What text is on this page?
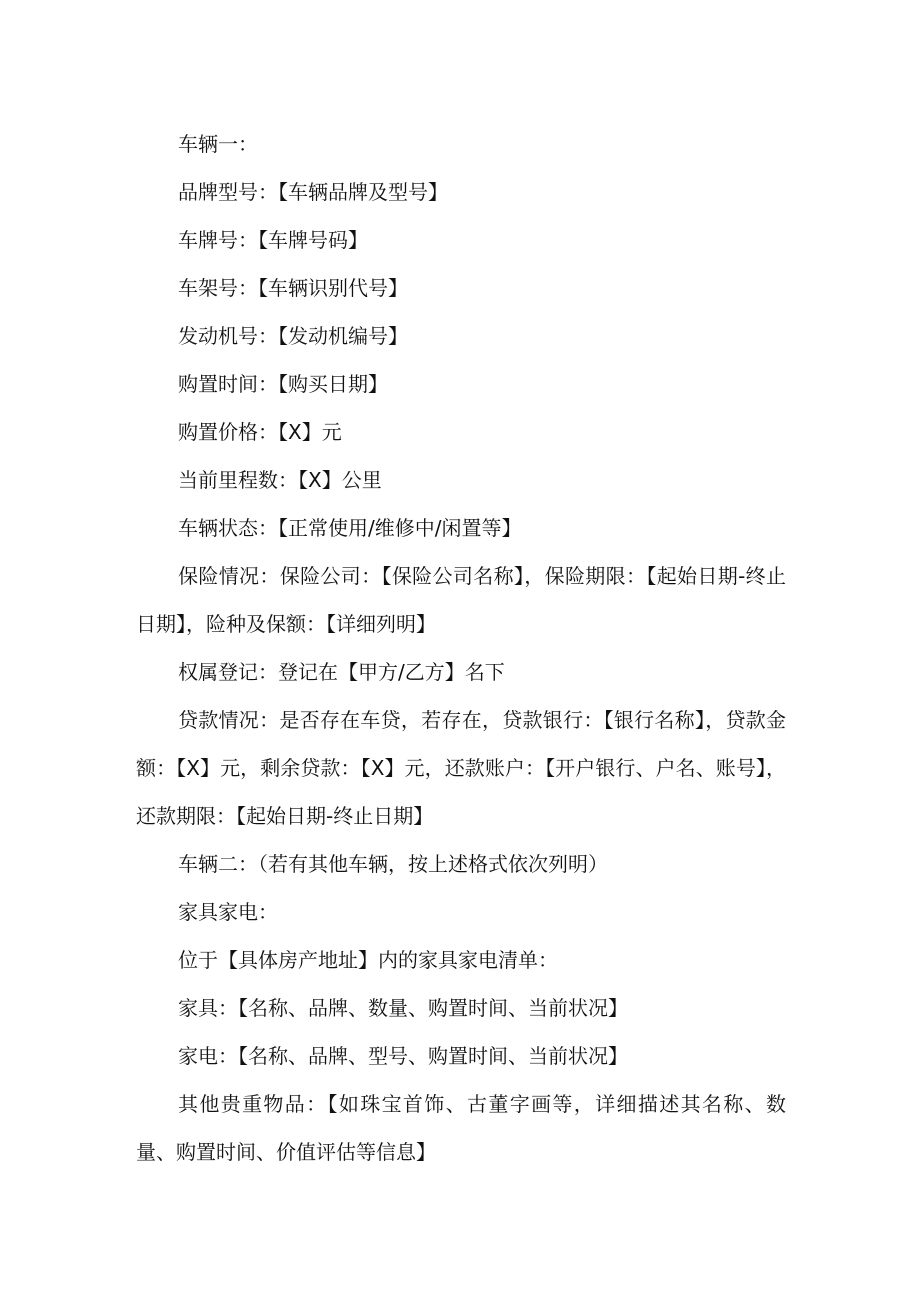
车辆一：

品牌型号：【车辆品牌及型号】

车牌号：【车牌号码】

车架号：【车辆识别代号】

发动机号：【发动机编号】

购置时间：【购买日期】

购置价格：【X】元

当前里程数：【X】公里

车辆状态：【正常使用/维修中/闲置等】

保险情况：保险公司：【保险公司名称】，保险期限：【起始日期-终止日期】，险种及保额：【详细列明】

权属登记：登记在【甲方/乙方】名下

贷款情况：是否存在车贷，若存在，贷款银行：【银行名称】，贷款金额：【X】元，剩余贷款：【X】元，还款账户：【开户银行、户名、账号】，还款期限：【起始日期-终止日期】

车辆二：（若有其他车辆，按上述格式依次列明）

家具家电：

位于【具体房产地址】内的家具家电清单：

家具：【名称、品牌、数量、购置时间、当前状况】

家电：【名称、品牌、型号、购置时间、当前状况】

其他贵重物品：【如珠宝首饰、古董字画等，详细描述其名称、数量、购置时间、价值评估等信息】
